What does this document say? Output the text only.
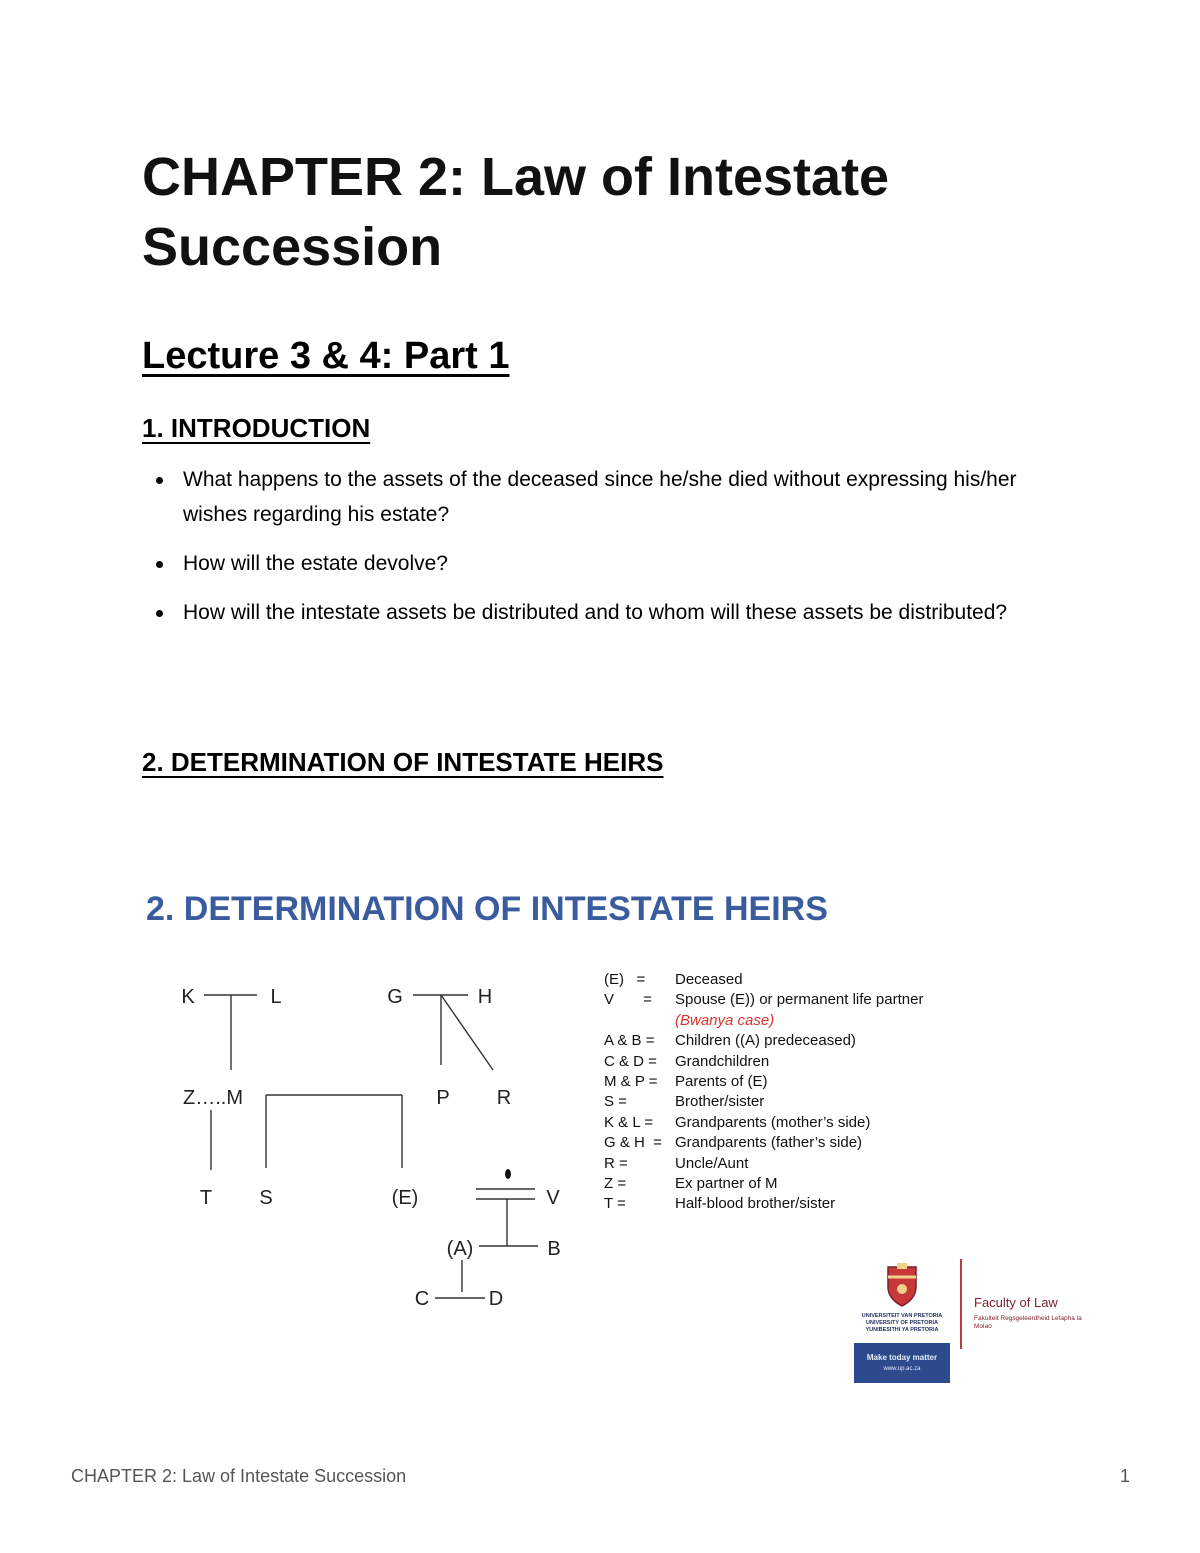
CHAPTER 2: Law of Intestate Succession
Lecture 3 & 4: Part 1
1. INTRODUCTION
What happens to the assets of the deceased since he/she died without expressing his/her wishes regarding his estate?
How will the estate devolve?
How will the intestate assets be distributed and to whom will these assets be distributed?
2. DETERMINATION OF INTESTATE HEIRS
2. DETERMINATION OF INTESTATE HEIRS
K	L	G	H
Z…..M	P R
T S	(E)	V
(A)	B
C	D
(E)   =	Deceased
V       =	Spouse (E)) or permanent life partner
(Bwanya case)
A & B =	Children ((A) predeceased)
C & D =	Grandchildren
M & P =	Parents of (E)
S =	Brother/sister
K & L =	Grandparents (mother’s side)
G & H  = Grandparents (father’s side)
R =	Uncle/Aunt
Z =	Ex partner of M
T =	Half-blood brother/sister
UNIVERSITEIT VAN PRETORIA UNIVERSITY OF PRETORIA YUNIBESITHI YA PRETORIA
Faculty of Law
Fakulteit Regsgeleerdheid Lefapha la Molao
Make today matter
www.up.ac.za
CHAPTER 2: Law of Intestate Succession	1
